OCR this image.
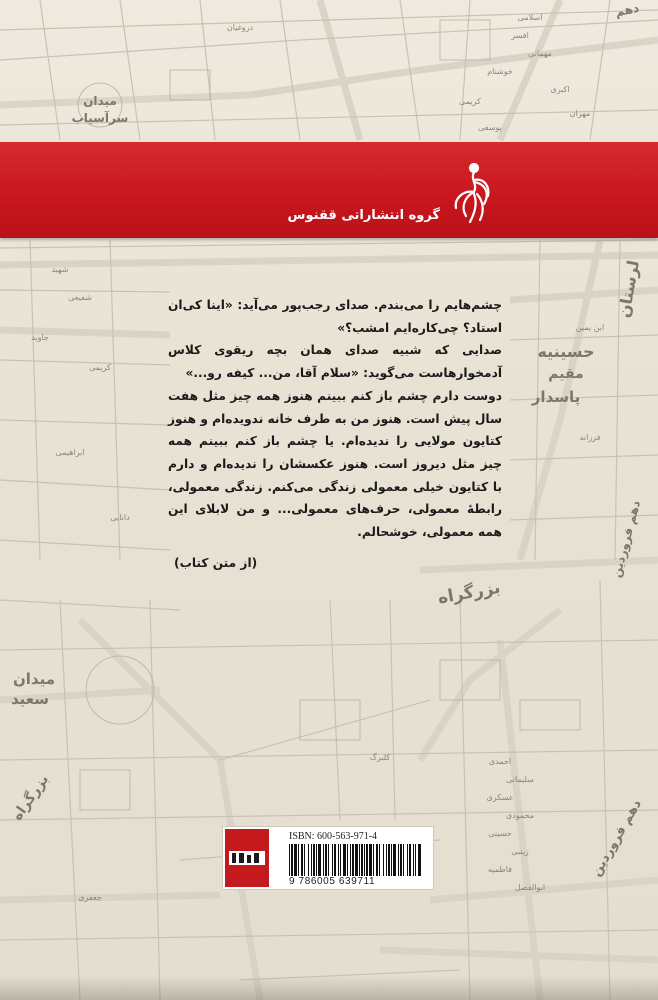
میدان
سرآسیاب
دهم
لرستان
حسینیه
مقیم
پاسدار
بزرگراه
دهم فروردین
دهم فروردین
میدان
سعید
بزرگراه
اسلامی
افسر
مهمانی
خوشنام
اکبری
کریمی
مهران
یوسفی
ابن یمین
فرزانه
دروغیان
شهید
شفیعی
جاوید
کریمی
ابراهیمی
دانایی
احمدی
سلیمانی
عسکری
محمودی
حسینی
زینبی
فاطمیه
ابوالفضل
کلبرگ
جعفری
گروه انتشاراتی ققنوس

چشم‌هایم را می‌بندم. صدای رجب‌پور می‌آید: «اینا کی‌ان استاد؟ چی‌کاره‌ایم امشب؟»

صدایی که شبیه صدای همان بچه ریقوی کلاس آدمخوارهاست می‌گوید: «سلام آقا، من... کیفه رو...»

دوست دارم چشم باز کنم ببینم هنوز همه چیز مثل هفت سال پیش است. هنوز من به طرف خانه ندویده‌ام و هنوز کتایون مولایی را ندیده‌ام. یا چشم باز کنم ببینم همه چیز مثل دیروز است. هنوز عکسشان را ندیده‌ام و دارم با کتایون خیلی معمولی زندگی می‌کنم. زندگی معمولی، رابطهٔ معمولی، حرف‌های معمولی... و من لابلای این همه معمولی، خوشحالم.

(از متن کتاب)
ISBN: 600-563-971-4
9 786005 639711
